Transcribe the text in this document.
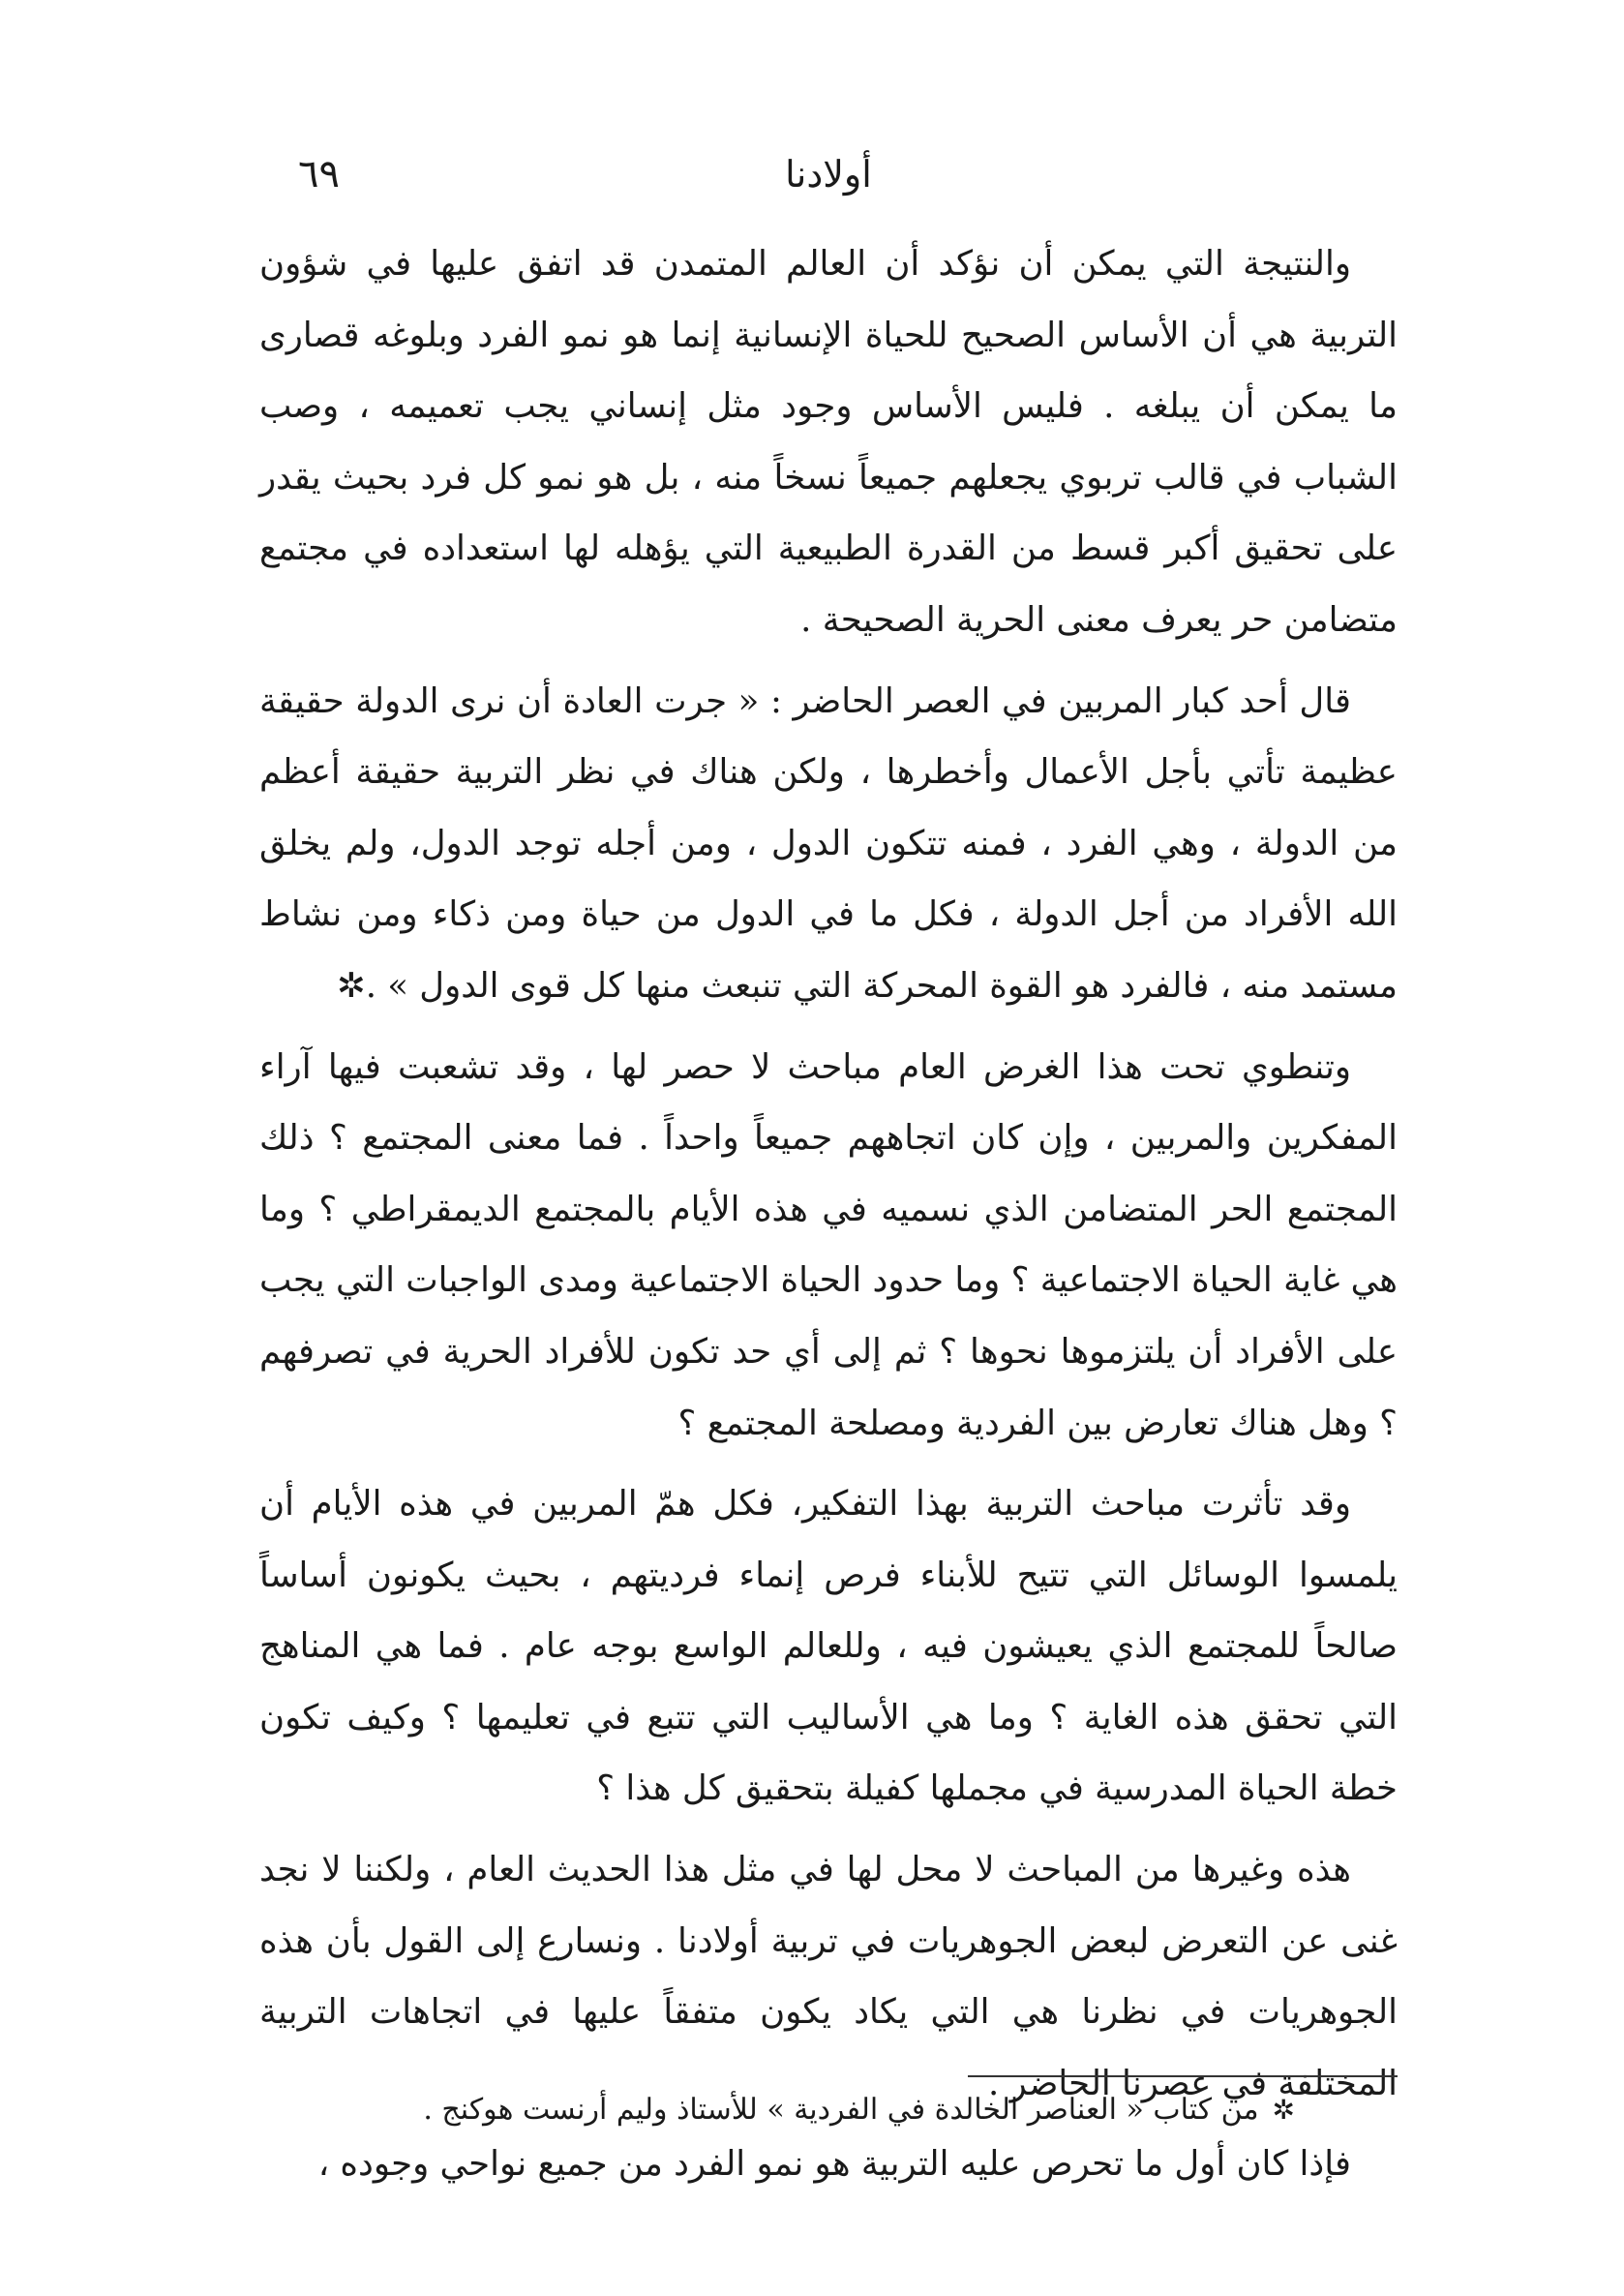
أولادنا
٦٩

والنتيجة التي يمكن أن نؤكد أن العالم المتمدن قد اتفق عليها في شؤون التربية هي أن الأساس الصحيح للحياة الإنسانية إنما هو نمو الفرد وبلوغه قصارى ما يمكن أن يبلغه . فليس الأساس وجود مثل إنساني يجب تعميمه ، وصب الشباب في قالب تربوي يجعلهم جميعاً نسخاً منه ، بل هو نمو كل فرد بحيث يقدر على تحقيق أكبر قسط من القدرة الطبيعية التي يؤهله لها استعداده في مجتمع متضامن حر يعرف معنى الحرية الصحيحة .

قال أحد كبار المربين في العصر الحاضر : « جرت العادة أن نرى الدولة حقيقة عظيمة تأتي بأجل الأعمال وأخطرها ، ولكن هناك في نظر التربية حقيقة أعظم من الدولة ، وهي الفرد ، فمنه تتكون الدول ، ومن أجله توجد الدول، ولم يخلق الله الأفراد من أجل الدولة ، فكل ما في الدول من حياة ومن ذكاء ومن نشاط مستمد منه ، فالفرد هو القوة المحركة التي تنبعث منها كل قوى الدول » .✲

وتنطوي تحت هذا الغرض العام مباحث لا حصر لها ، وقد تشعبت فيها آراء المفكرين والمربين ، وإن كان اتجاههم جميعاً واحداً . فما معنى المجتمع ؟ ذلك المجتمع الحر المتضامن الذي نسميه في هذه الأيام بالمجتمع الديمقراطي ؟ وما هي غاية الحياة الاجتماعية ؟ وما حدود الحياة الاجتماعية ومدى الواجبات التي يجب على الأفراد أن يلتزموها نحوها ؟ ثم إلى أي حد تكون للأفراد الحرية في تصرفهم ؟ وهل هناك تعارض بين الفردية ومصلحة المجتمع ؟

وقد تأثرت مباحث التربية بهذا التفكير، فكل همّ المربين في هذه الأيام أن يلمسوا الوسائل التي تتيح للأبناء فرص إنماء فرديتهم ، بحيث يكونون أساساً صالحاً للمجتمع الذي يعيشون فيه ، وللعالم الواسع بوجه عام . فما هي المناهج التي تحقق هذه الغاية ؟ وما هي الأساليب التي تتبع في تعليمها ؟ وكيف تكون خطة الحياة المدرسية في مجملها كفيلة بتحقيق كل هذا ؟

هذه وغيرها من المباحث لا محل لها في مثل هذا الحديث العام ، ولكننا لا نجد غنى عن التعرض لبعض الجوهريات في تربية أولادنا . ونسارع إلى القول بأن هذه الجوهريات في نظرنا هي التي يكاد يكون متفقاً عليها في اتجاهات التربية المختلفة في عصرنا الحاضر .

فإذا كان أول ما تحرص عليه التربية هو نمو الفرد من جميع نواحي وجوده ،

✲من كتاب « العناصر الخالدة في الفردية » للأستاذ وليم أرنست هوكنج .
